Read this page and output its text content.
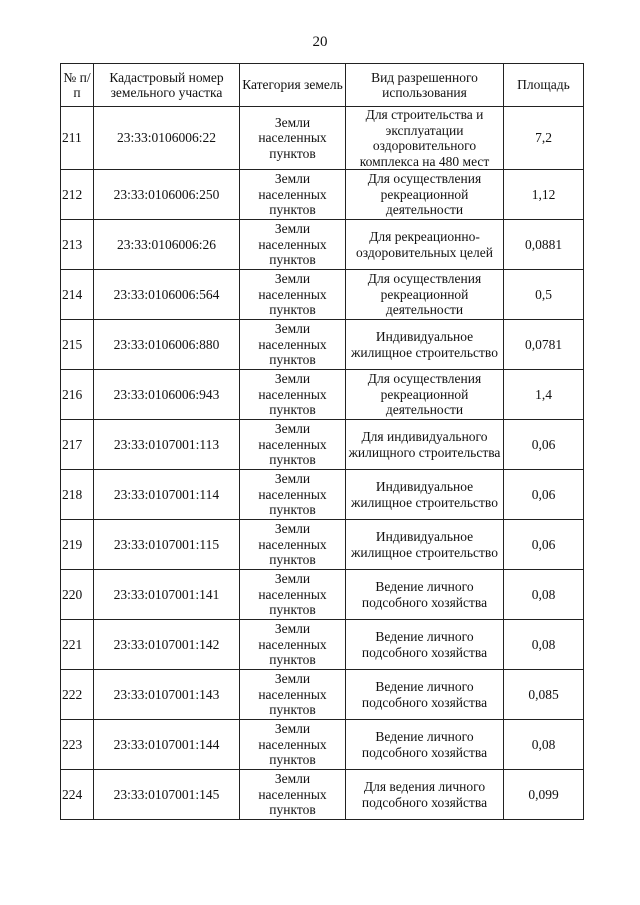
20
№ п/п	Кадастровый номер земельного участка	Категория земель	Вид разрешенного использования	Площадь
211	23:33:0106006:22	Земли населенных пунктов	Для строительства и эксплуатации оздоровительного комплекса на 480 мест	7,2
212	23:33:0106006:250	Земли населенных пунктов	Для осуществления рекреационной деятельности	1,12
213	23:33:0106006:26	Земли населенных пунктов	Для рекреационно-оздоровительных целей	0,0881
214	23:33:0106006:564	Земли населенных пунктов	Для осуществления рекреационной деятельности	0,5
215	23:33:0106006:880	Земли населенных пунктов	Индивидуальное жилищное строительство	0,0781
216	23:33:0106006:943	Земли населенных пунктов	Для осуществления рекреационной деятельности	1,4
217	23:33:0107001:113	Земли населенных пунктов	Для индивидуального жилищного строительства	0,06
218	23:33:0107001:114	Земли населенных пунктов	Индивидуальное жилищное строительство	0,06
219	23:33:0107001:115	Земли населенных пунктов	Индивидуальное жилищное строительство	0,06
220	23:33:0107001:141	Земли населенных пунктов	Ведение личного подсобного хозяйства	0,08
221	23:33:0107001:142	Земли населенных пунктов	Ведение личного подсобного хозяйства	0,08
222	23:33:0107001:143	Земли населенных пунктов	Ведение личного подсобного хозяйства	0,085
223	23:33:0107001:144	Земли населенных пунктов	Ведение личного подсобного хозяйства	0,08
224	23:33:0107001:145	Земли населенных пунктов	Для ведения личного подсобного хозяйства	0,099
